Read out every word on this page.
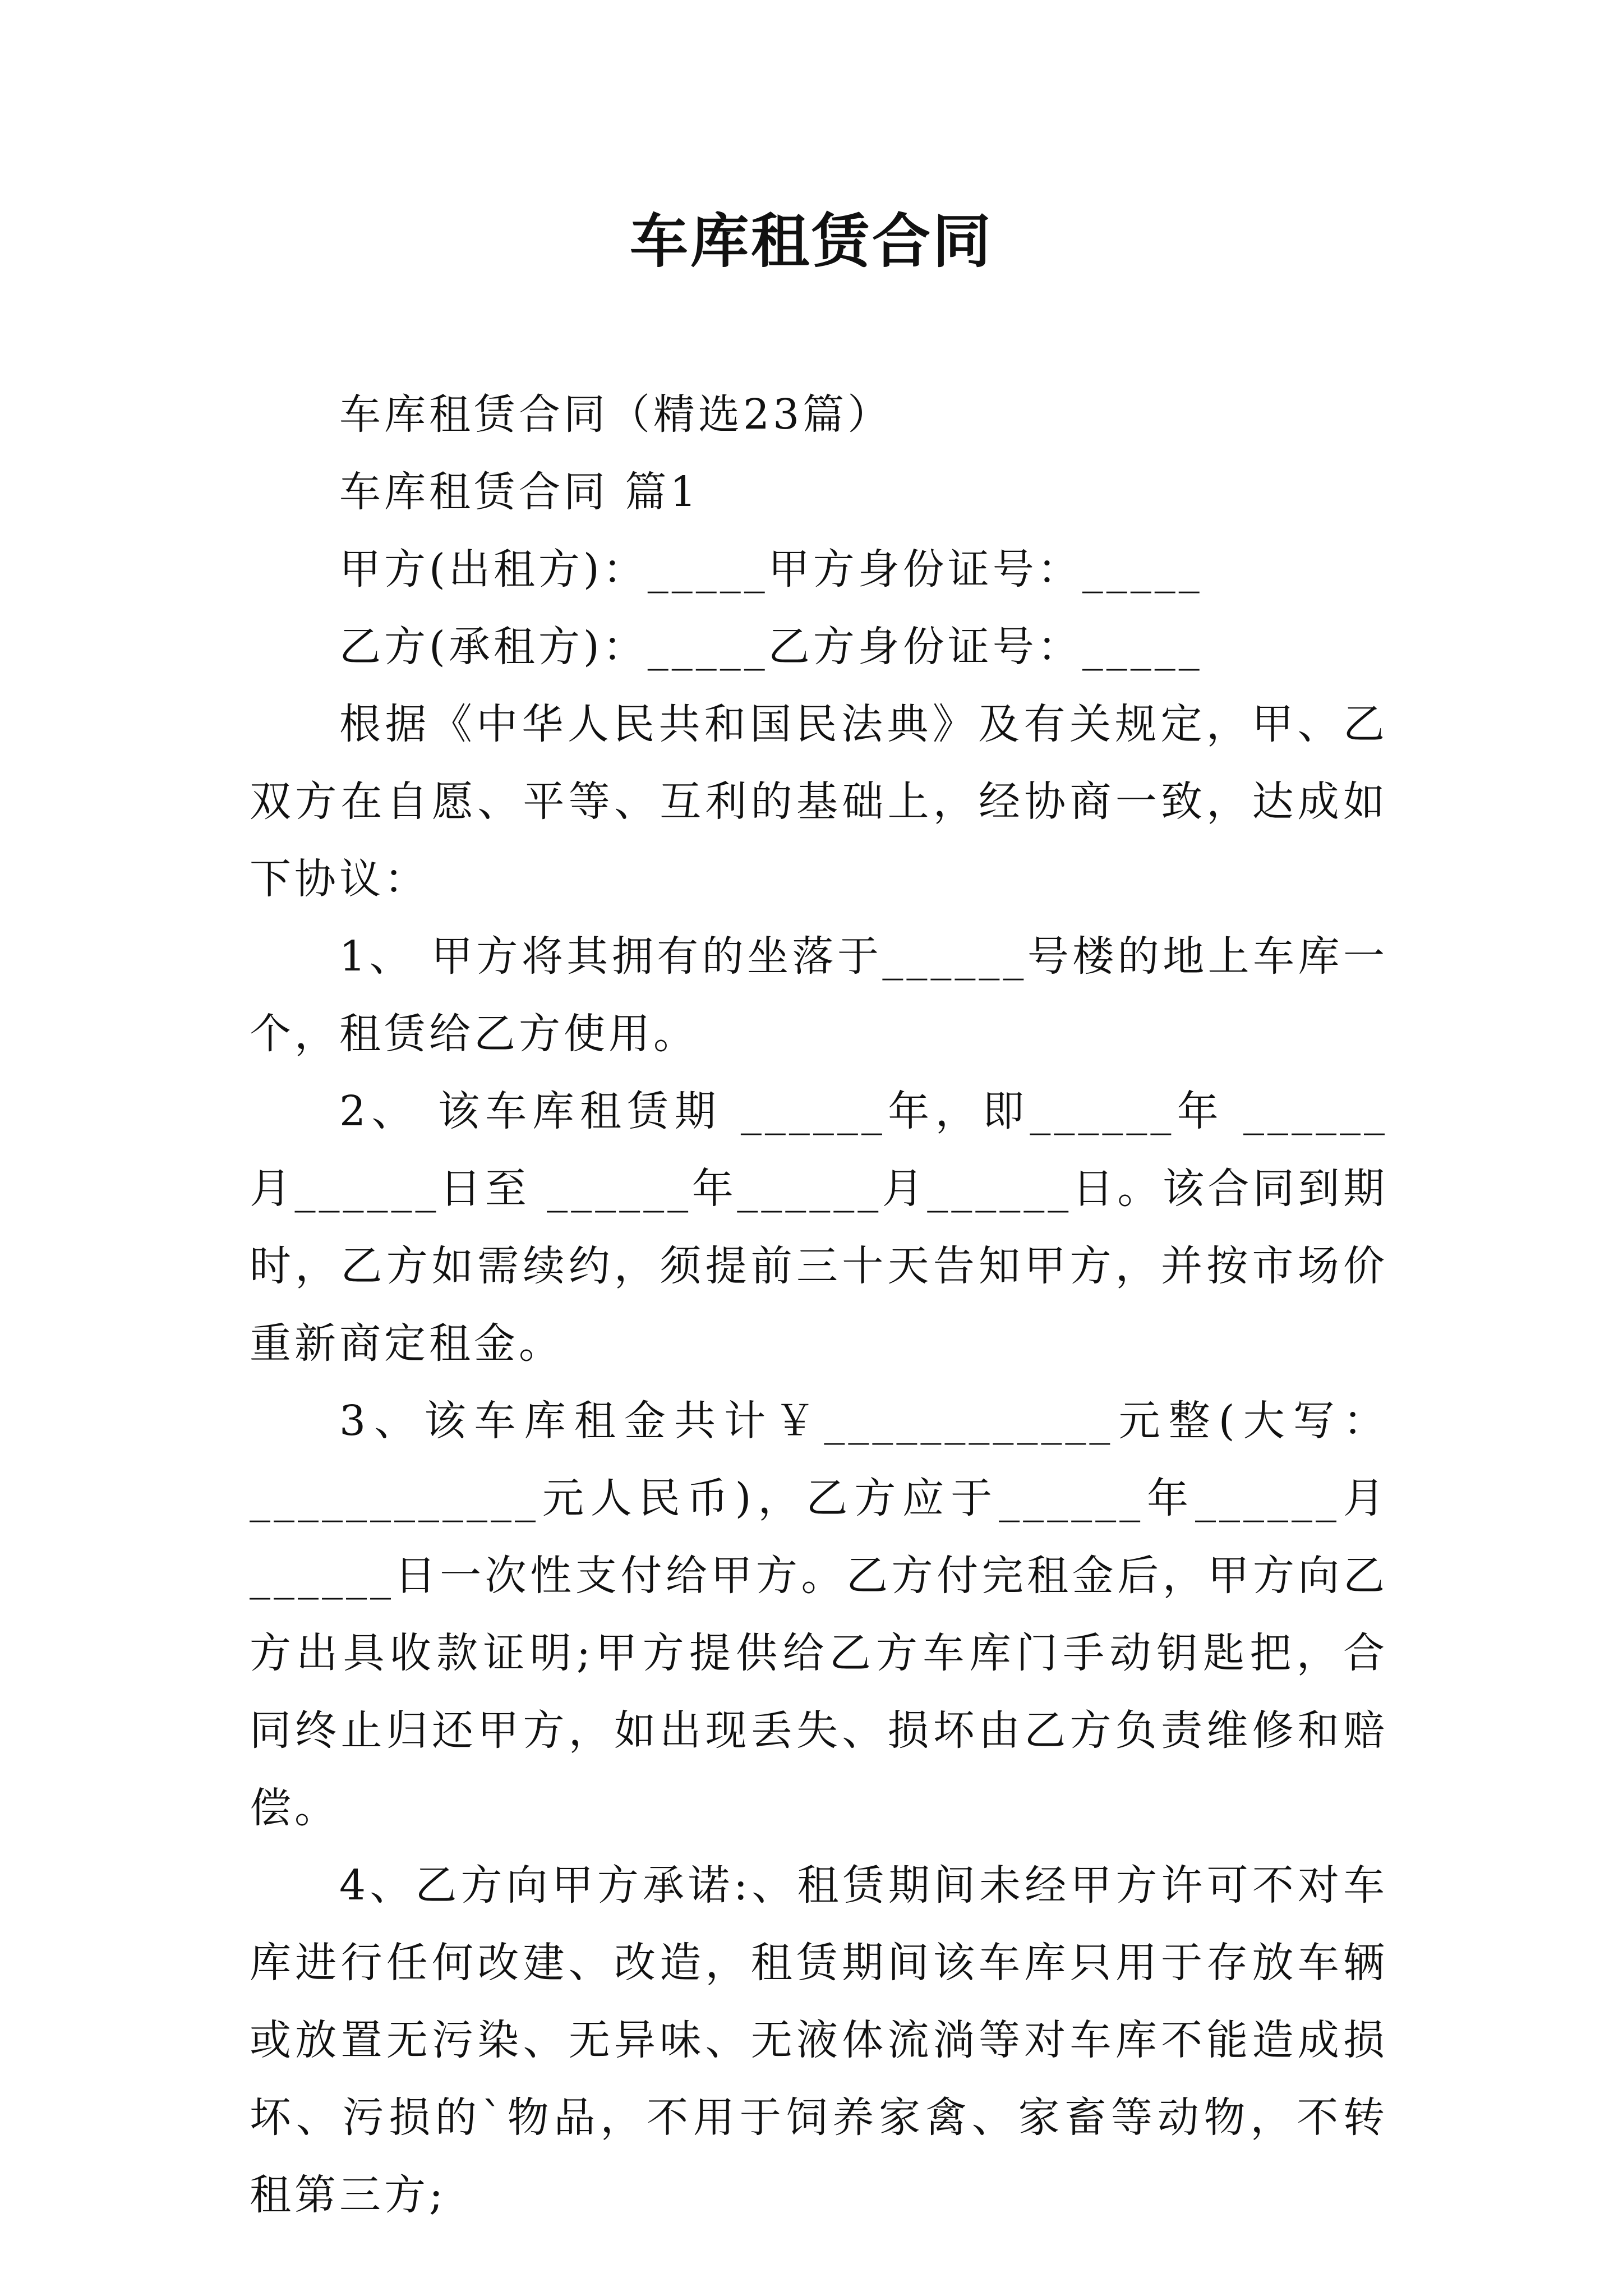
车库租赁合同

车库租赁合同（精选23篇）

车库租赁合同 篇1

甲方(出租方)：_____甲方身份证号：_____

乙方(承租方)：_____乙方身份证号：_____

根据《中华人民共和国民法典》及有关规定，甲、乙双方在自愿、平等、互利的基础上，经协商一致，达成如下协议：

1、 甲方将其拥有的坐落于______号楼的地上车库一个，租赁给乙方使用。

2、 该车库租赁期 ______年，即______年 ______月______日至 ______年______月______日。该合同到期时，乙方如需续约，须提前三十天告知甲方，并按市场价重新商定租金。

3、该车库租金共计￥____________元整(大写：____________元人民币)，乙方应于______年______月______日一次性支付给甲方。乙方付完租金后，甲方向乙方出具收款证明;甲方提供给乙方车库门手动钥匙把，合同终止归还甲方，如出现丢失、损坏由乙方负责维修和赔偿。

4、乙方向甲方承诺:、租赁期间未经甲方许可不对车库进行任何改建、改造，租赁期间该车库只用于存放车辆或放置无污染、无异味、无液体流淌等对车库不能造成损坏、污损的`物品，不用于饲养家禽、家畜等动物，不转租第三方;
